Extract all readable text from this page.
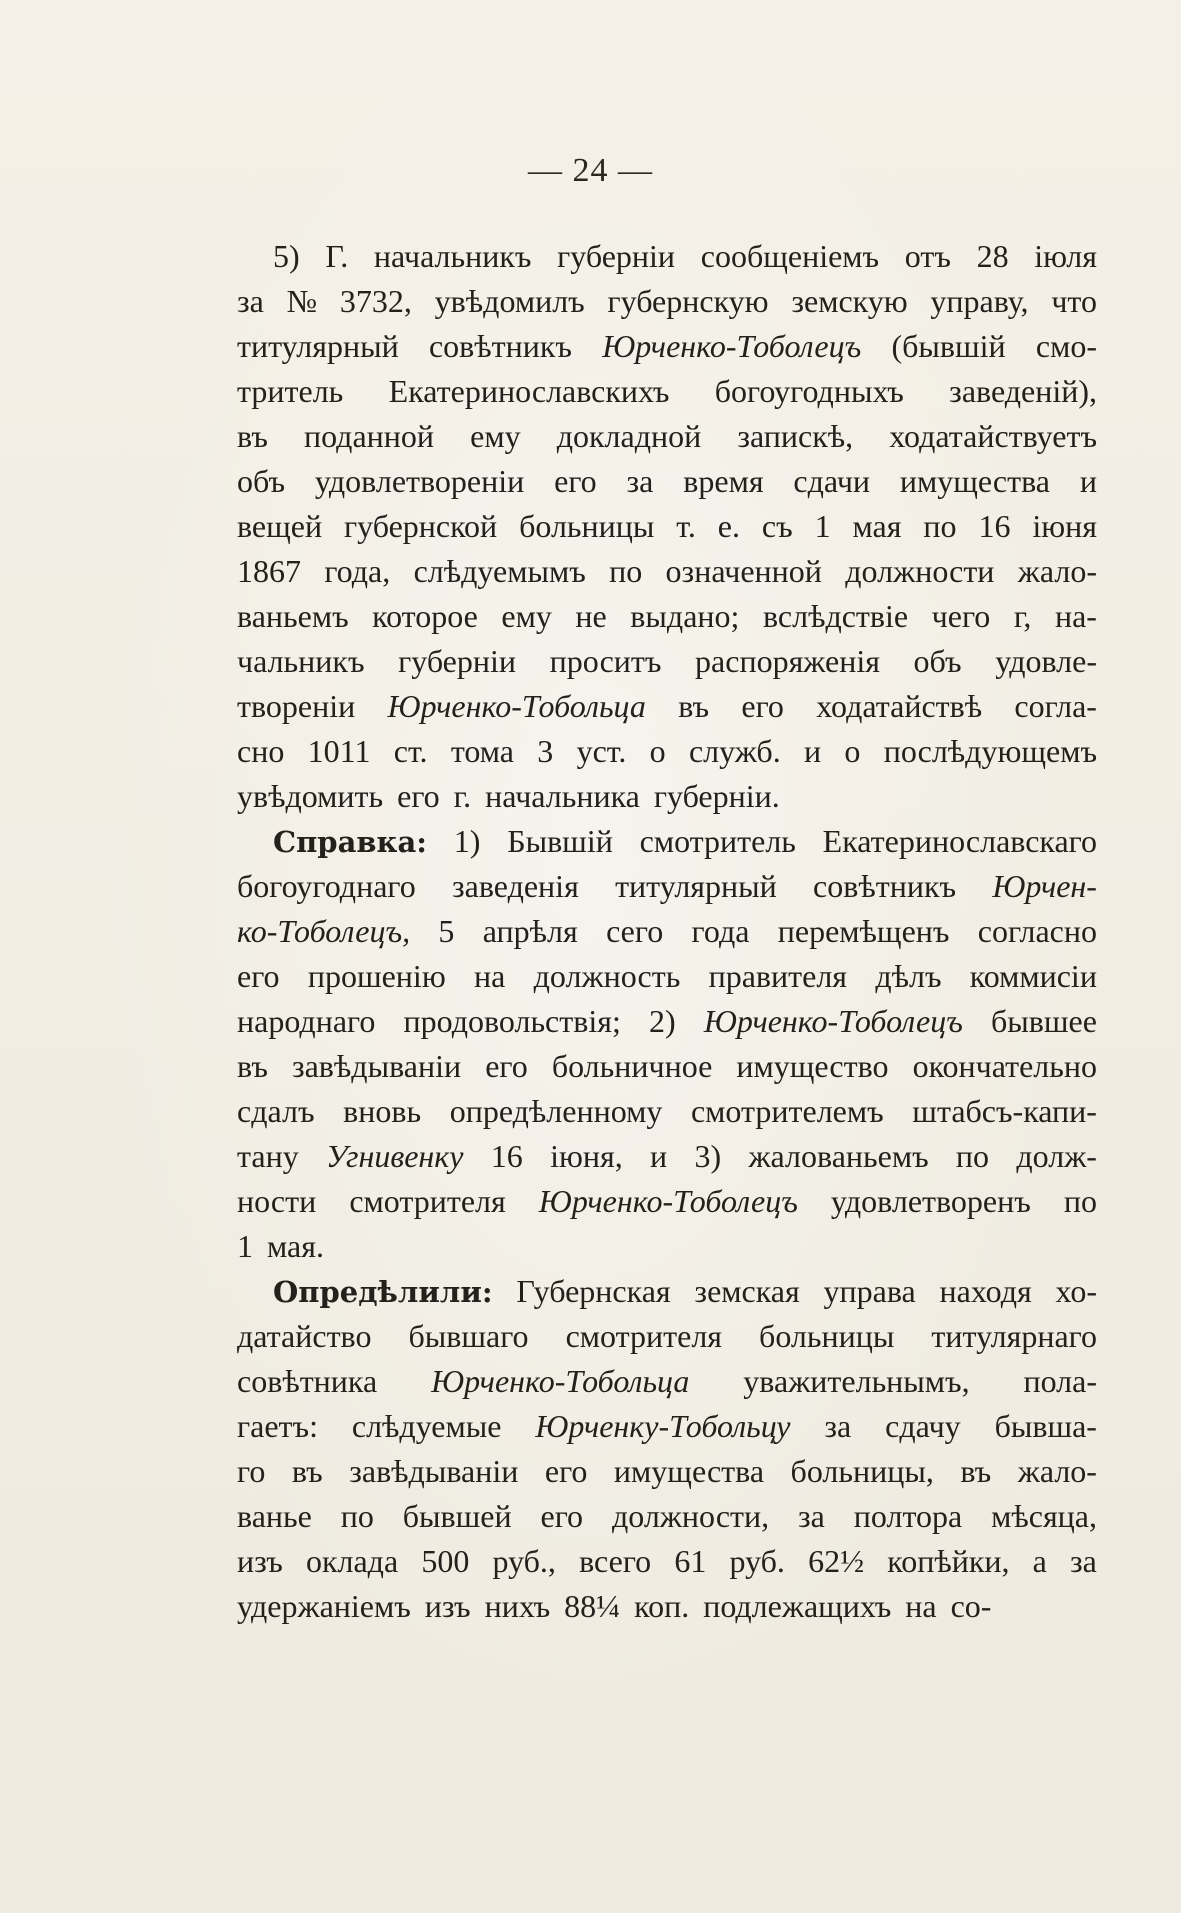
— 24 —
5) Г. начальникъ губерніи сообщеніемъ отъ 28 іюля
за № 3732, увѣдомилъ губернскую земскую управу, что
титулярный совѣтникъ Юрченко-Тоболецъ (бывшій смо-
тритель Екатеринославскихъ богоугодныхъ заведеній),
въ поданной ему докладной запискѣ, ходатайствуетъ
объ удовлетвореніи его за время сдачи имущества и
вещей губернской больницы т. е. съ 1 мая по 16 іюня
1867 года, слѣдуемымъ по означенной должности жало-
ваньемъ которое ему не выдано; вслѣдствіе чего г, на-
чальникъ губерніи проситъ распоряженія объ удовле-
твореніи Юрченко-Тобольца въ его ходатайствѣ согла-
сно 1011 ст. тома 3 уст. о служб. и о послѣдующемъ
увѣдомить его г. начальника губерніи.
Справка: 1) Бывшій смотритель Екатеринославскаго
богоугоднаго заведенія титулярный совѣтникъ Юрчен-
ко-Тоболецъ, 5 апрѣля сего года перемѣщенъ согласно
его прошенію на должность правителя дѣлъ коммисіи
народнаго продовольствія; 2) Юрченко-Тоболецъ бывшее
въ завѣдываніи его больничное имущество окончательно
сдалъ вновь опредѣленному смотрителемъ штабсъ-капи-
тану Угнивенку 16 іюня, и 3) жалованьемъ по долж-
ности смотрителя Юрченко-Тоболецъ удовлетворенъ по
1 мая.
Опредѣлили: Губернская земская управа находя хо-
датайство бывшаго смотрителя больницы титулярнаго
совѣтника Юрченко-Тобольца уважительнымъ, пола-
гаетъ: слѣдуемые Юрченку-Тобольцу за сдачу бывша-
го въ завѣдываніи его имущества больницы, въ жало-
ванье по бывшей его должности, за полтора мѣсяца,
изъ оклада 500 руб., всего 61 руб. 62½ копѣйки, а за
удержаніемъ изъ нихъ 88¼ коп. подлежащихъ на со-
